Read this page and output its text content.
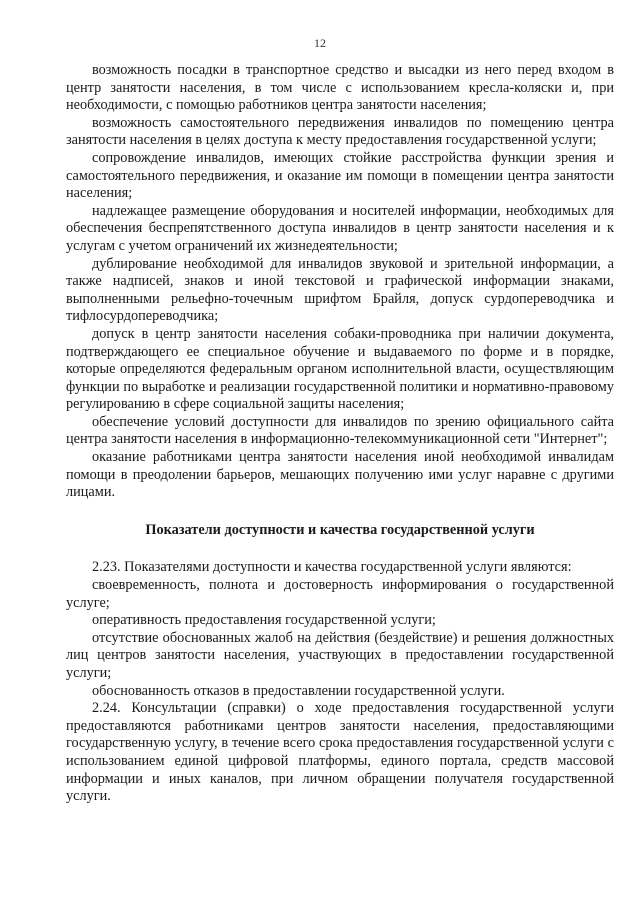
12

возможность посадки в транспортное средство и высадки из него перед входом в центр занятости населения, в том числе с использованием кресла-коляски и, при необходимости, с помощью работников центра занятости населения;

возможность самостоятельного передвижения инвалидов по помещению центра занятости населения в целях доступа к месту предоставления государственной услуги;

сопровождение инвалидов, имеющих стойкие расстройства функции зрения и самостоятельного передвижения, и оказание им помощи в помещении центра занятости населения;

надлежащее размещение оборудования и носителей информации, необходимых для обеспечения беспрепятственного доступа инвалидов в центр занятости населения и к услугам с учетом ограничений их жизнедеятельности;

дублирование необходимой для инвалидов звуковой и зрительной информации, а также надписей, знаков и иной текстовой и графической информации знаками, выполненными рельефно-точечным шрифтом Брайля, допуск сурдопереводчика и тифлосурдопереводчика;

допуск в центр занятости населения собаки-проводника при наличии документа, подтверждающего ее специальное обучение и выдаваемого по форме и в порядке, которые определяются федеральным органом исполнительной власти, осуществляющим функции по выработке и реализации государственной политики и нормативно-правовому регулированию в сфере социальной защиты населения;

обеспечение условий доступности для инвалидов по зрению официального сайта центра занятости населения в информационно-телекоммуникационной сети "Интернет";

оказание работниками центра занятости населения иной необходимой инвалидам помощи в преодолении барьеров, мешающих получению ими услуг наравне с другими лицами.

Показатели доступности и качества государственной услуги

2.23. Показателями доступности и качества государственной услуги являются:

своевременность, полнота и достоверность информирования о государственной услуге;

оперативность предоставления государственной услуги;

отсутствие обоснованных жалоб на действия (бездействие) и решения должностных лиц центров занятости населения, участвующих в предоставлении государственной услуги;

обоснованность отказов в предоставлении государственной услуги.

2.24. Консультации (справки) о ходе предоставления государственной услуги предоставляются работниками центров занятости населения, предоставляющими государственную услугу, в течение всего срока предоставления государственной услуги с использованием единой цифровой платформы, единого портала, средств массовой информации и иных каналов, при личном обращении получателя государственной услуги.
